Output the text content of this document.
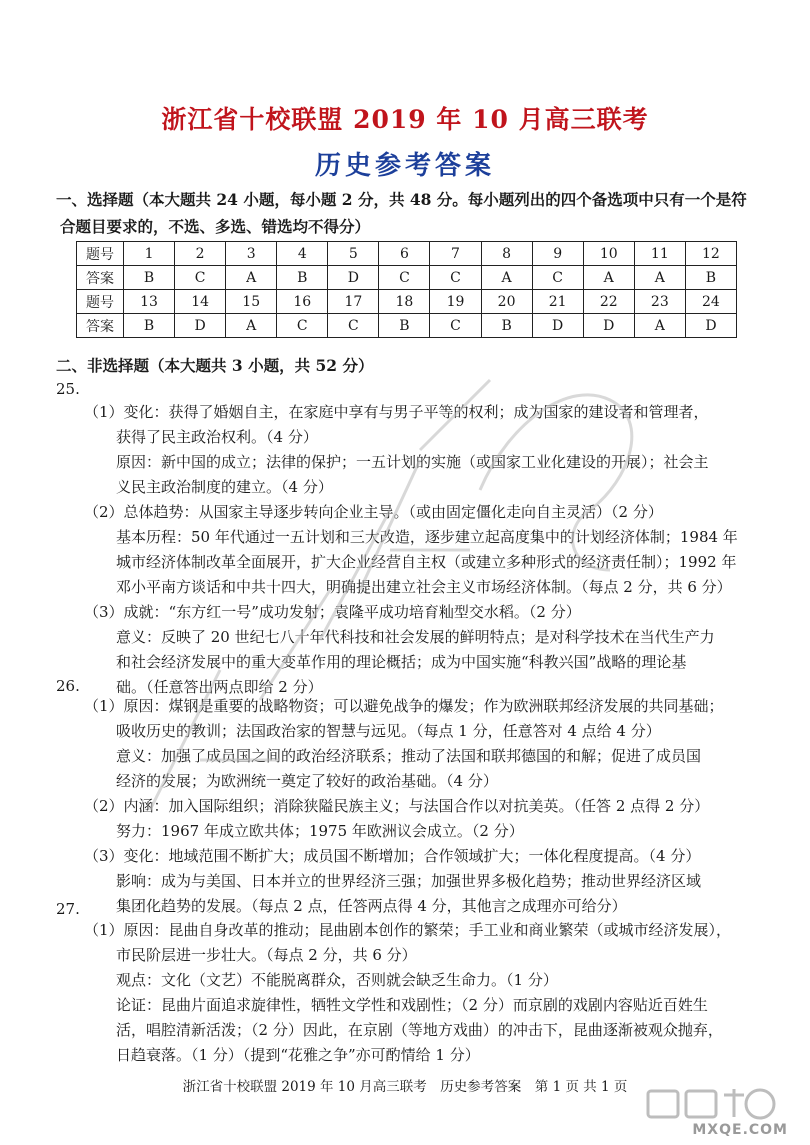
浙江省十校联盟 2019 年 10 月高三联考
历史参考答案
一、选择题（本大题共 24 小题，每小题 2 分，共 48 分。每小题列出的四个备选项中只有一个是符
合题目要求的，不选、多选、错选均不得分）
题号	1	2	3	4	5	6	7	8	9	10	11	12
答案	B	C	A	B	D	C	C	A	C	A	A	B
题号	13	14	15	16	17	18	19	20	21	22	23	24
答案	B	D	A	C	C	B	C	B	D	D	A	D
二、非选择题（本大题共 3 小题，共 52 分）
25.
（1）变化：获得了婚姻自主，在家庭中享有与男子平等的权利；成为国家的建设者和管理者，
获得了民主政治权利。（4 分）
原因：新中国的成立；法律的保护；一五计划的实施（或国家工业化建设的开展）；社会主
义民主政治制度的建立。（4 分）
（2）总体趋势：从国家主导逐步转向企业主导。（或由固定僵化走向自主灵活）（2 分）
基本历程：50 年代通过一五计划和三大改造，逐步建立起高度集中的计划经济体制；1984 年
城市经济体制改革全面展开，扩大企业经营自主权（或建立多种形式的经济责任制）；1992 年
邓小平南方谈话和中共十四大，明确提出建立社会主义市场经济体制。（每点 2 分，共 6 分）
（3）成就：“东方红一号”成功发射；袁隆平成功培育籼型交水稻。（2 分）
意义：反映了 20 世纪七八十年代科技和社会发展的鲜明特点；是对科学技术在当代生产力
和社会经济发展中的重大变革作用的理论概括；成为中国实施“科教兴国”战略的理论基
础。（任意答出两点即给 2 分）
26.
（1）原因：煤钢是重要的战略物资；可以避免战争的爆发；作为欧洲联邦经济发展的共同基础；
吸收历史的教训；法国政治家的智慧与远见。（每点 1 分，任意答对 4 点给 4 分）
意义：加强了成员国之间的政治经济联系；推动了法国和联邦德国的和解；促进了成员国
经济的发展；为欧洲统一奠定了较好的政治基础。（4 分）
（2）内涵：加入国际组织；消除狭隘民族主义；与法国合作以对抗美英。（任答 2 点得 2 分）
努力：1967 年成立欧共体；1975 年欧洲议会成立。（2 分）
（3）变化：地域范围不断扩大；成员国不断增加；合作领域扩大；一体化程度提高。（4 分）
影响：成为与美国、日本并立的世界经济三强；加强世界多极化趋势；推动世界经济区域
集团化趋势的发展。（每点 2 点，任答两点得 4 分，其他言之成理亦可给分）
27.
（1）原因：昆曲自身改革的推动；昆曲剧本创作的繁荣；手工业和商业繁荣（或城市经济发展），
市民阶层进一步壮大。（每点 2 分，共 6 分）
观点：文化（文艺）不能脱离群众，否则就会缺乏生命力。（1 分）
论证：昆曲片面追求旋律性，牺牲文学性和戏剧性；（2 分）而京剧的戏剧内容贴近百姓生
活，唱腔清新活泼；（2 分）因此，在京剧（等地方戏曲）的冲击下，昆曲逐渐被观众抛弃，
日趋衰落。（1 分）（提到“花雅之争”亦可酌情给 1 分）
浙江省十校联盟 2019 年 10 月高三联考　历史参考答案　第 1 页 共 1 页
MXQE.COM
